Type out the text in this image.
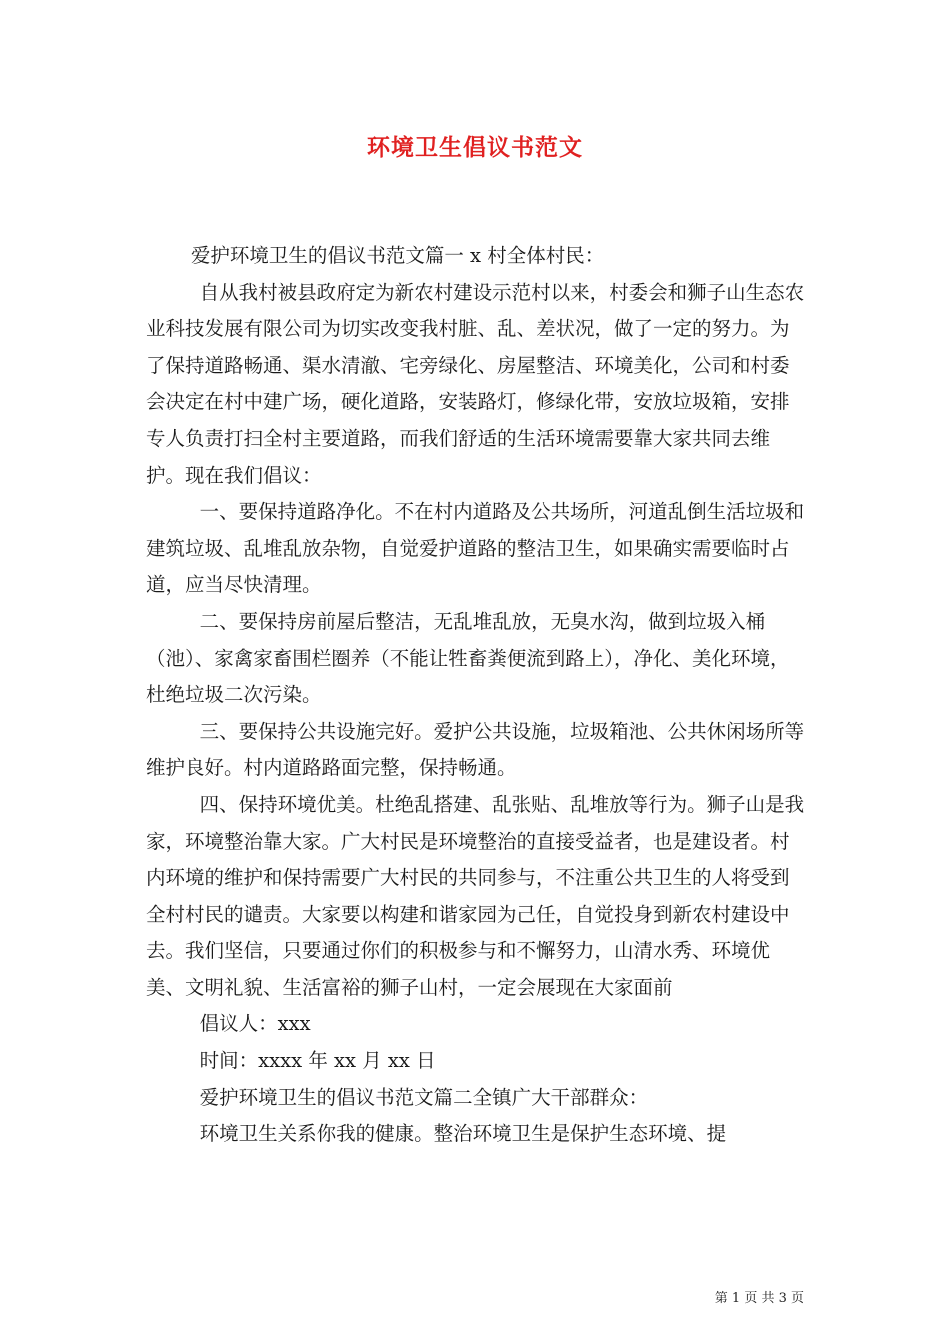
环境卫生倡议书范文

爱护环境卫生的倡议书范文篇一 x 村全体村民：

自从我村被县政府定为新农村建设示范村以来，村委会和狮子山生态农业科技发展有限公司为切实改变我村脏、乱、差状况，做了一定的努力。为了保持道路畅通、渠水清澈、宅旁绿化、房屋整洁、环境美化，公司和村委会决定在村中建广场，硬化道路，安装路灯，修绿化带，安放垃圾箱，安排专人负责打扫全村主要道路，而我们舒适的生活环境需要靠大家共同去维护。现在我们倡议：

一、要保持道路净化。不在村内道路及公共场所，河道乱倒生活垃圾和建筑垃圾、乱堆乱放杂物，自觉爱护道路的整洁卫生，如果确实需要临时占道，应当尽快清理。

二、要保持房前屋后整洁，无乱堆乱放，无臭水沟，做到垃圾入桶（池）、家禽家畜围栏圈养（不能让牲畜粪便流到路上），净化、美化环境，杜绝垃圾二次污染。

三、要保持公共设施完好。爱护公共设施，垃圾箱池、公共休闲场所等维护良好。村内道路路面完整，保持畅通。

四、保持环境优美。杜绝乱搭建、乱张贴、乱堆放等行为。狮子山是我家，环境整治靠大家。广大村民是环境整治的直接受益者，也是建设者。村内环境的维护和保持需要广大村民的共同参与，不注重公共卫生的人将受到全村村民的谴责。大家要以构建和谐家园为己任，自觉投身到新农村建设中去。我们坚信，只要通过你们的积极参与和不懈努力，山清水秀、环境优美、文明礼貌、生活富裕的狮子山村，一定会展现在大家面前

倡议人：xxx

时间：xxxx 年 xx 月 xx 日

爱护环境卫生的倡议书范文篇二全镇广大干部群众：

环境卫生关系你我的健康。整治环境卫生是保护生态环境、提

第 1 页 共 3 页
